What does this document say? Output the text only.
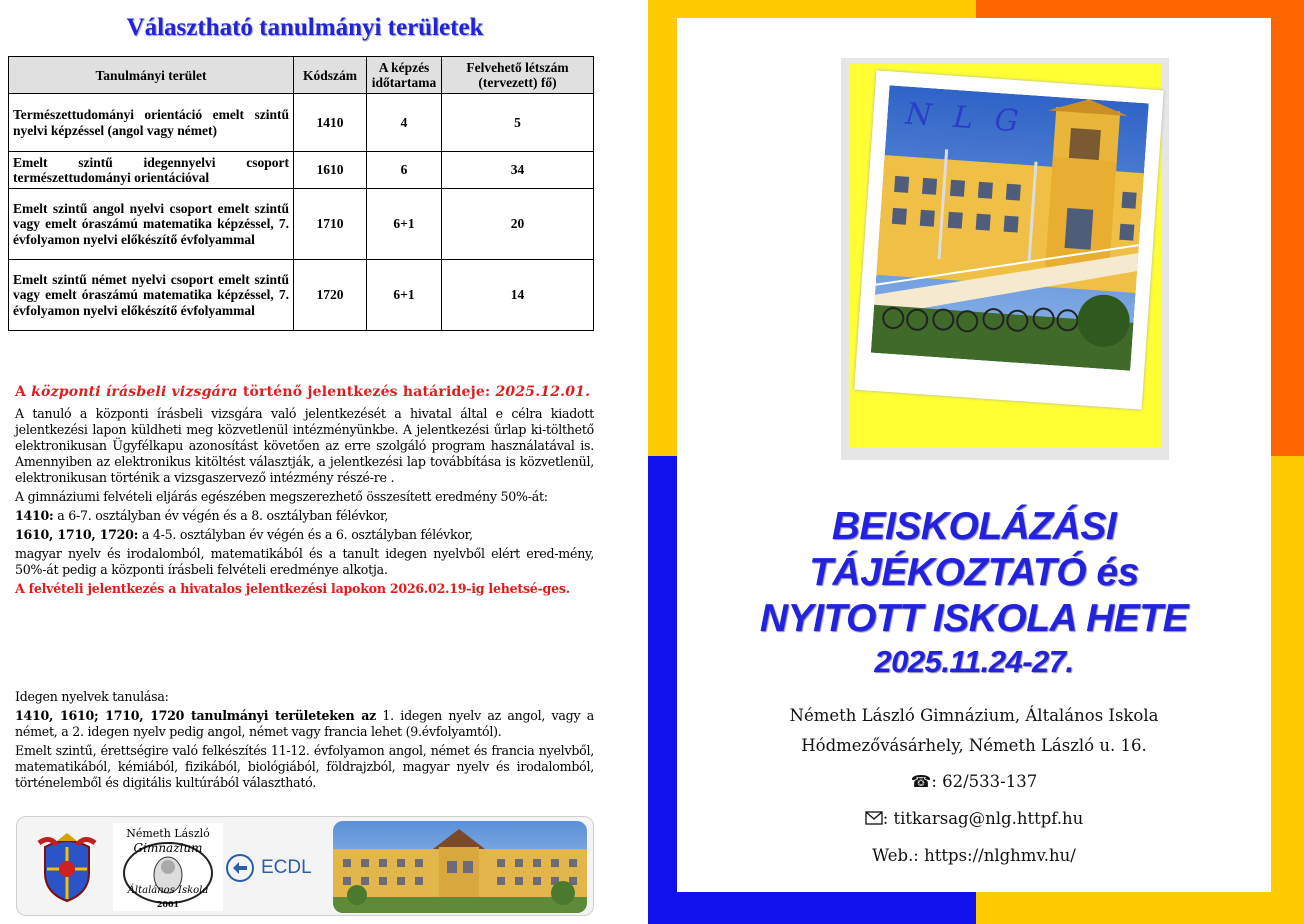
Választható tanulmányi területek
Tanulmányi terület	Kódszám	A képzés időtartama	Felvehető létszám (tervezett) fő)
Természettudományi orientáció emelt szintű nyelvi képzéssel (angol vagy német)	1410	4	5
Emelt szintű idegennyelvi csoport természettudományi orientációval	1610	6	34
Emelt szintű angol nyelvi csoport emelt szintű vagy emelt óraszámú matematika képzéssel, 7. évfolyamon nyelvi előkészítő évfolyammal	1710	6+1	20
Emelt szintű német nyelvi csoport emelt szintű vagy emelt óraszámú matematika képzéssel, 7. évfolyamon nyelvi előkészítő évfolyammal	1720	6+1	14
A központi írásbeli vizsgára történő jelentkezés határideje: 2025.12.01.
A tanuló a központi írásbeli vizsgára való jelentkezését a hivatal által e célra kiadott jelentkezési lapon küldheti meg közvetlenül intézményünkbe. A jelentkezési űrlap ki-tölthető elektronikusan Ügyfélkapu azonosítást követően az erre szolgáló program használatával is. Amennyiben az elektronikus kitöltést választják, a jelentkezési lap továbbítása is közvetlenül, elektronikusan történik a vizsgaszervező intézmény részé-re .
A gimnáziumi felvételi eljárás egészében megszerezhető összesített eredmény 50%-át:
1410: a 6-7. osztályban év végén és a 8. osztályban félévkor,
1610, 1710, 1720: a 4-5. osztályban év végén és a 6. osztályban félévkor,
magyar nyelv és irodalomból, matematikából és a tanult idegen nyelvből elért ered-mény, 50%-át pedig a központi írásbeli felvételi eredménye alkotja.
A felvételi jelentkezés a hivatalos jelentkezési lapokon 2026.02.19-ig lehetsé-ges.
Idegen nyelvek tanulása:
1410, 1610; 1710, 1720 tanulmányi területeken az 1. idegen nyelv az angol, vagy a német, a 2. idegen nyelv pedig angol, német vagy francia lehet (9.évfolyamtól).
Emelt szintű, érettségire való felkészítés 11-12. évfolyamon angol, német és francia nyelvből, matematikából, kémiából, fizikából, biológiából, földrajzból, magyar nyelv és irodalomból, történelemből és digitális kultúrából választható.
Németh László
Gimnázium
Általános Iskola
2001
ECDL
N L G
BEISKOLÁZÁSI
TÁJÉKOZTATÓ és
NYITOTT ISKOLA HETE
2025.11.24-27.
Németh László Gimnázium, Általános Iskola
Hódmezővásárhely, Németh László u. 16.
☎: 62/533-137
: titkarsag@nlg.httpf.hu
Web.: https://nlghmv.hu/
